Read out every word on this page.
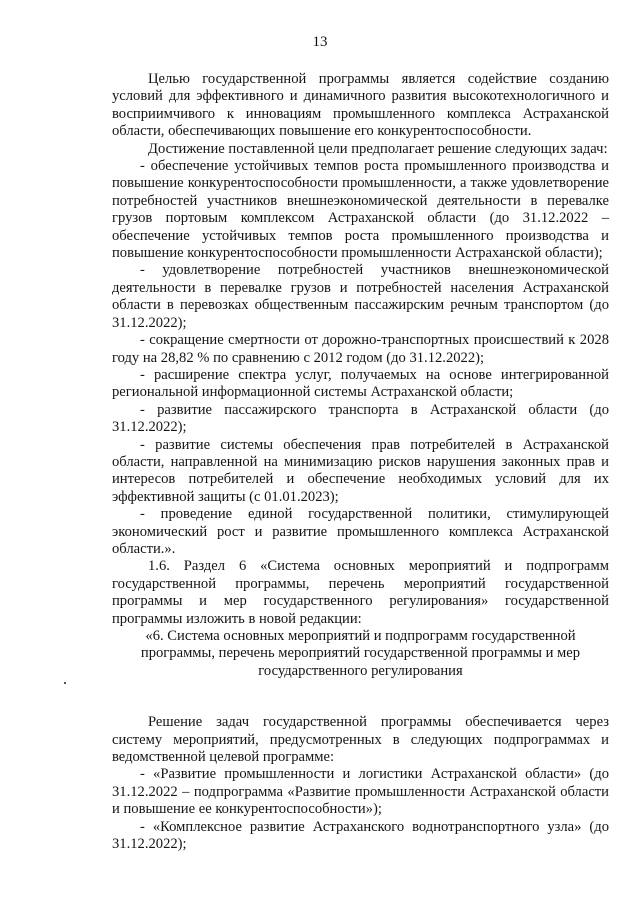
13

Целью государственной программы является содействие созданию условий для эффективного и динамичного развития высокотехнологичного и восприимчивого к инновациям промышленного комплекса Астраханской области, обеспечивающих повышение его конкурентоспособности.

Достижение поставленной цели предполагает решение следующих задач:

- обеспечение устойчивых темпов роста промышленного производства и повышение конкурентоспособности промышленности, а также удовлетворение потребностей участников внешнеэкономической деятельности в перевалке грузов портовым комплексом Астраханской области (до 31.12.2022 – обеспечение устойчивых темпов роста промышленного производства и повышение конкурентоспособности промышленности Астраханской области);

- удовлетворение потребностей участников внешнеэкономической деятельности в перевалке грузов и потребностей населения Астраханской области в перевозках общественным пассажирским речным транспортом (до 31.12.2022);

- сокращение смертности от дорожно-транспортных происшествий к 2028 году на 28,82 % по сравнению с 2012 годом (до 31.12.2022);

- расширение спектра услуг, получаемых на основе интегрированной региональной информационной системы Астраханской области;

- развитие пассажирского транспорта в Астраханской области (до 31.12.2022);

- развитие системы обеспечения прав потребителей в Астраханской области, направленной на минимизацию рисков нарушения законных прав и интересов потребителей и обеспечение необходимых условий для их эффективной защиты (с 01.01.2023);

- проведение единой государственной политики, стимулирующей экономический рост и развитие промышленного комплекса Астраханской области.».

1.6. Раздел 6 «Система основных мероприятий и подпрограмм государственной программы, перечень мероприятий государственной программы и мер государственного регулирования» государственной программы изложить в новой редакции:

«6. Система основных мероприятий и подпрограмм государственной программы, перечень мероприятий государственной программы и мер государственного регулирования

Решение задач государственной программы обеспечивается через систему мероприятий, предусмотренных в следующих подпрограммах и ведомственной целевой программе:

- «Развитие промышленности и логистики Астраханской области» (до 31.12.2022 – подпрограмма «Развитие промышленности Астраханской области и повышение ее конкурентоспособности»);

- «Комплексное развитие Астраханского воднотранспортного узла» (до 31.12.2022);
